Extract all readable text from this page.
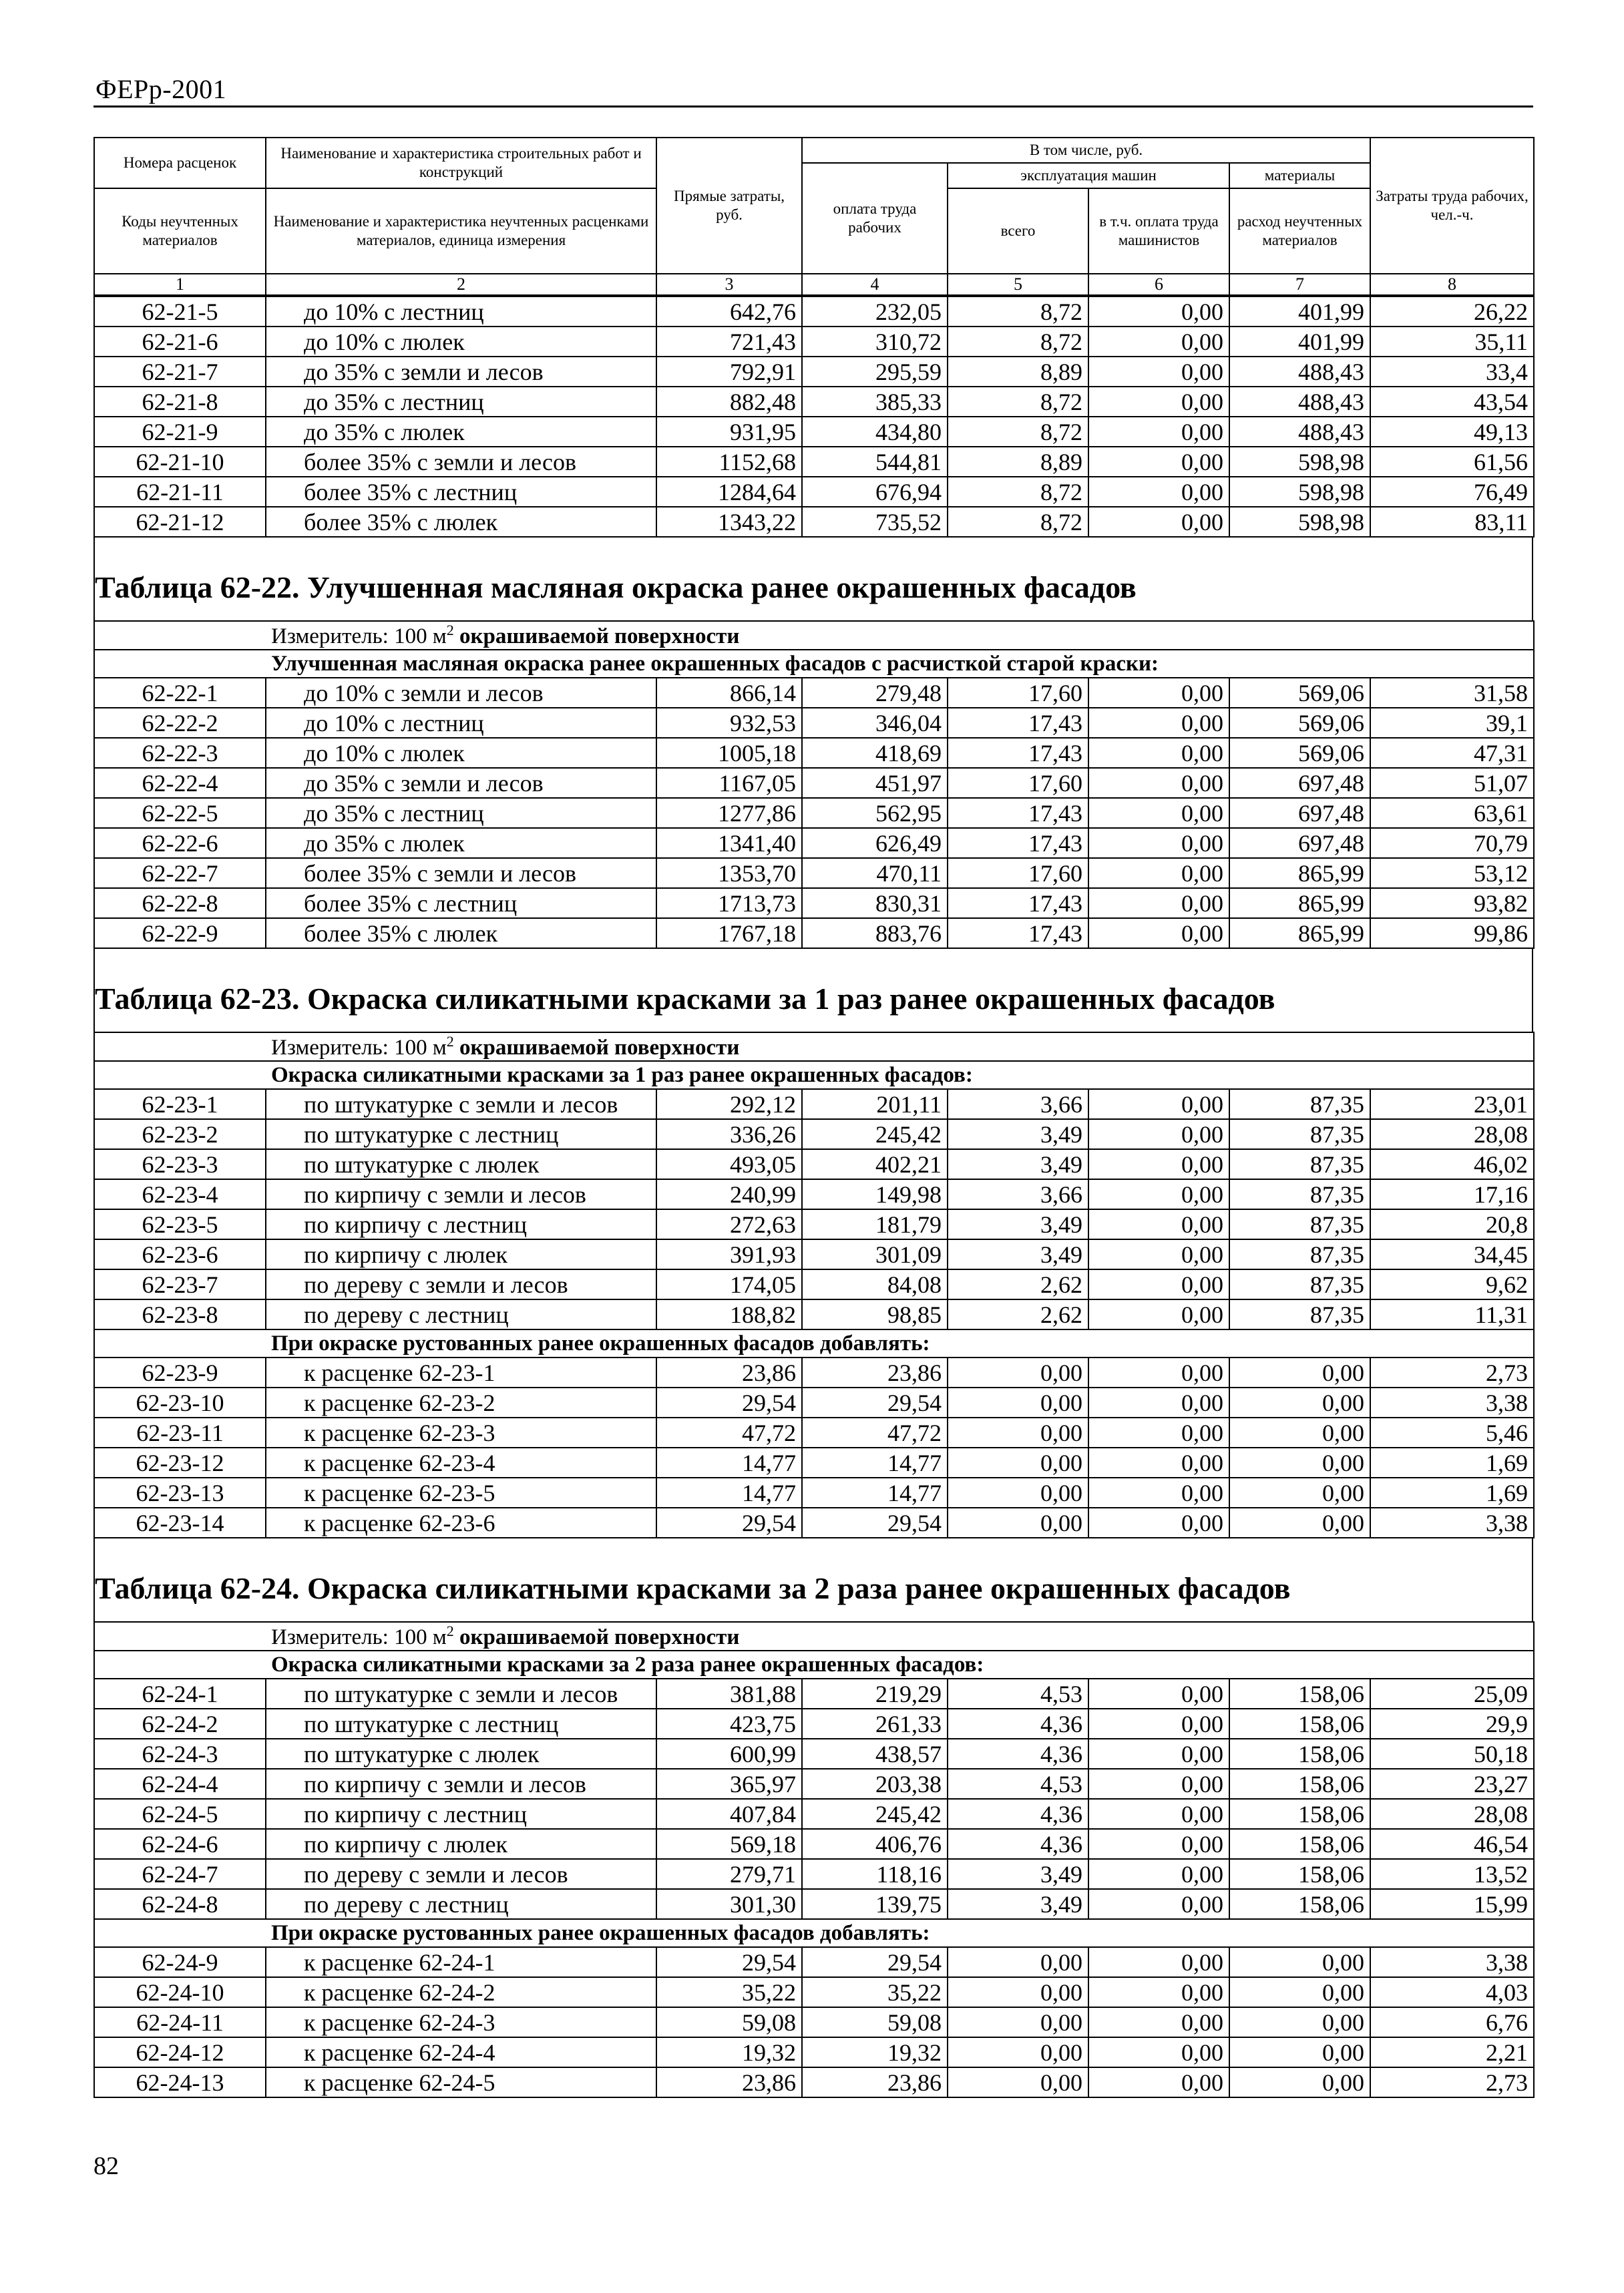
ФЕРр-2001
Номера расценок	Наименование и характеристика строительных работ и конструкций	Прямые затраты, руб.	В том числе, руб.				Затраты труда рабочих, чел.-ч.
			оплата труда рабочих	эксплуатация машин		материалы	
Коды неучтенных материалов	Наименование и характеристика неучтенных расценками материалов, единица измерения			всего	в т.ч. оплата труда машинистов	расход неучтенных материалов	

1	2	3	4	5	6	7	8
62-21-5	до 10% с лестниц	642,76	232,05	8,72	0,00	401,99	26,22
62-21-6	до 10% с люлек	721,43	310,72	8,72	0,00	401,99	35,11
62-21-7	до 35% с земли и лесов	792,91	295,59	8,89	0,00	488,43	33,4
62-21-8	до 35% с лестниц	882,48	385,33	8,72	0,00	488,43	43,54
62-21-9	до 35% с люлек	931,95	434,80	8,72	0,00	488,43	49,13
62-21-10	более 35% с земли и лесов	1152,68	544,81	8,89	0,00	598,98	61,56
62-21-11	более 35% с лестниц	1284,64	676,94	8,72	0,00	598,98	76,49
62-21-12	более 35% с люлек	1343,22	735,52	8,72	0,00	598,98	83,11
Таблица 62-22. Улучшенная масляная окраска ранее окрашенных фасадов
Измеритель: 100 $м^2$ окрашиваемой поверхности							
Улучшенная масляная окраска ранее окрашенных фасадов с расчисткой старой краски:							
62-22-1	до 10% с земли и лесов	866,14	279,48	17,60	0,00	569,06	31,58
62-22-2	до 10% с лестниц	932,53	346,04	17,43	0,00	569,06	39,1
62-22-3	до 10% с люлек	1005,18	418,69	17,43	0,00	569,06	47,31
62-22-4	до 35% с земли и лесов	1167,05	451,97	17,60	0,00	697,48	51,07
62-22-5	до 35% с лестниц	1277,86	562,95	17,43	0,00	697,48	63,61
62-22-6	до 35% с люлек	1341,40	626,49	17,43	0,00	697,48	70,79
62-22-7	более 35% с земли и лесов	1353,70	470,11	17,60	0,00	865,99	53,12
62-22-8	более 35% с лестниц	1713,73	830,31	17,43	0,00	865,99	93,82
62-22-9	более 35% с люлек	1767,18	883,76	17,43	0,00	865,99	99,86
Таблица 62-23. Окраска силикатными красками за 1 раз ранее окрашенных фасадов
Измеритель: 100 $м^2$ окрашиваемой поверхности							
Окраска силикатными красками за 1 раз ранее окрашенных фасадов:							
62-23-1	по штукатурке с земли и лесов	292,12	201,11	3,66	0,00	87,35	23,01
62-23-2	по штукатурке с лестниц	336,26	245,42	3,49	0,00	87,35	28,08
62-23-3	по штукатурке с люлек	493,05	402,21	3,49	0,00	87,35	46,02
62-23-4	по кирпичу с земли и лесов	240,99	149,98	3,66	0,00	87,35	17,16
62-23-5	по кирпичу с лестниц	272,63	181,79	3,49	0,00	87,35	20,8
62-23-6	по кирпичу с люлек	391,93	301,09	3,49	0,00	87,35	34,45
62-23-7	по дереву с земли и лесов	174,05	84,08	2,62	0,00	87,35	9,62
62-23-8	по дереву с лестниц	188,82	98,85	2,62	0,00	87,35	11,31
При окраске рустованных ранее окрашенных фасадов добавлять:							
62-23-9	к расценке 62-23-1	23,86	23,86	0,00	0,00	0,00	2,73
62-23-10	к расценке 62-23-2	29,54	29,54	0,00	0,00	0,00	3,38
62-23-11	к расценке 62-23-3	47,72	47,72	0,00	0,00	0,00	5,46
62-23-12	к расценке 62-23-4	14,77	14,77	0,00	0,00	0,00	1,69
62-23-13	к расценке 62-23-5	14,77	14,77	0,00	0,00	0,00	1,69
62-23-14	к расценке 62-23-6	29,54	29,54	0,00	0,00	0,00	3,38
Таблица 62-24. Окраска силикатными красками за 2 раза ранее окрашенных фасадов
Измеритель: 100 $м^2$ окрашиваемой поверхности							
Окраска силикатными красками за 2 раза ранее окрашенных фасадов:							
62-24-1	по штукатурке с земли и лесов	381,88	219,29	4,53	0,00	158,06	25,09
62-24-2	по штукатурке с лестниц	423,75	261,33	4,36	0,00	158,06	29,9
62-24-3	по штукатурке с люлек	600,99	438,57	4,36	0,00	158,06	50,18
62-24-4	по кирпичу с земли и лесов	365,97	203,38	4,53	0,00	158,06	23,27
62-24-5	по кирпичу с лестниц	407,84	245,42	4,36	0,00	158,06	28,08
62-24-6	по кирпичу с люлек	569,18	406,76	4,36	0,00	158,06	46,54
62-24-7	по дереву с земли и лесов	279,71	118,16	3,49	0,00	158,06	13,52
62-24-8	по дереву с лестниц	301,30	139,75	3,49	0,00	158,06	15,99
При окраске рустованных ранее окрашенных фасадов добавлять:							
62-24-9	к расценке 62-24-1	29,54	29,54	0,00	0,00	0,00	3,38
62-24-10	к расценке 62-24-2	35,22	35,22	0,00	0,00	0,00	4,03
62-24-11	к расценке 62-24-3	59,08	59,08	0,00	0,00	0,00	6,76
62-24-12	к расценке 62-24-4	19,32	19,32	0,00	0,00	0,00	2,21
62-24-13	к расценке 62-24-5	23,86	23,86	0,00	0,00	0,00	2,73
82
